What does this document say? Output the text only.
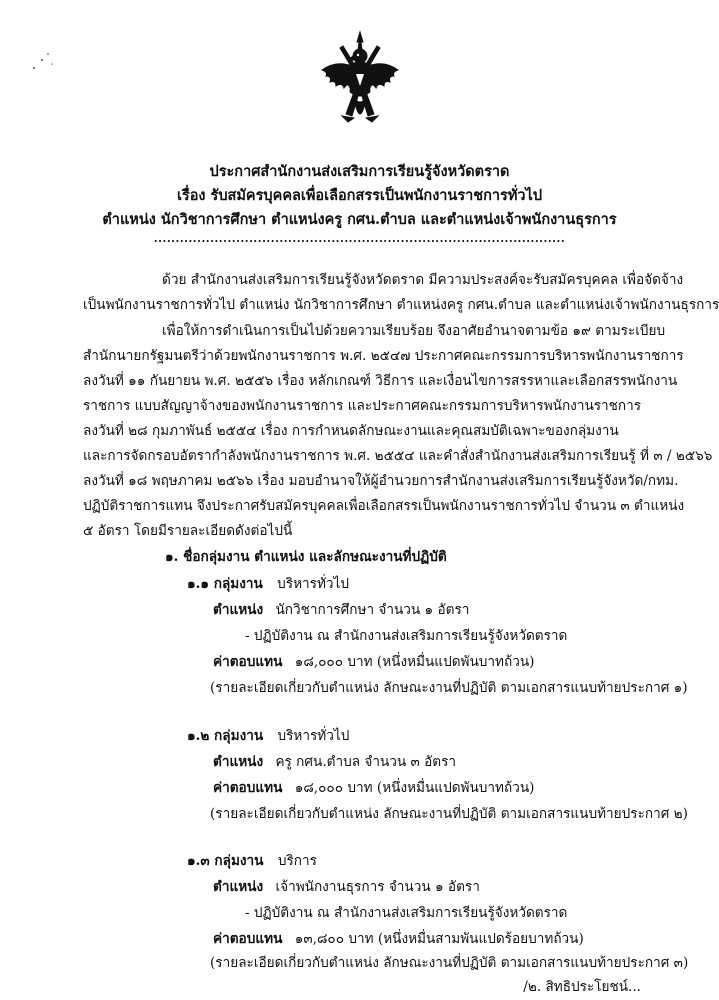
ประกาศสำนักงานส่งเสริมการเรียนรู้จังหวัดตราด
เรื่อง รับสมัครบุคคลเพื่อเลือกสรรเป็นพนักงานราชการทั่วไป
ตำแหน่ง นักวิชาการศึกษา ตำแหน่งครู กศน.ตำบล และตำแหน่งเจ้าพนักงานธุรการ
...............................................................................................
ด้วย สำนักงานส่งเสริมการเรียนรู้จังหวัดตราด มีความประสงค์จะรับสมัครบุคคล เพื่อจัดจ้าง
เป็นพนักงานราชการทั่วไป ตำแหน่ง นักวิชาการศึกษา ตำแหน่งครู กศน.ตำบล และตำแหน่งเจ้าพนักงานธุรการ
เพื่อให้การดำเนินการเป็นไปด้วยความเรียบร้อย จึงอาศัยอำนาจตามข้อ ๑๙ ตามระเบียบ
สำนักนายกรัฐมนตรีว่าด้วยพนักงานราชการ พ.ศ. ๒๕๔๗ ประกาศคณะกรรมการบริหารพนักงานราชการ
ลงวันที่ ๑๑ กันยายน พ.ศ. ๒๕๕๖ เรื่อง หลักเกณฑ์ วิธีการ และเงื่อนไขการสรรหาและเลือกสรรพนักงาน
ราชการ แบบสัญญาจ้างของพนักงานราชการ และประกาศคณะกรรมการบริหารพนักงานราชการ
ลงวันที่ ๒๘ กุมภาพันธ์ ๒๕๕๔ เรื่อง การกำหนดลักษณะงานและคุณสมบัติเฉพาะของกลุ่มงาน
และการจัดกรอบอัตรากำลังพนักงานราชการ พ.ศ. ๒๕๕๔ และคำสั่งสำนักงานส่งเสริมการเรียนรู้ ที่ ๓ / ๒๕๖๖
ลงวันที่ ๑๘ พฤษภาคม ๒๕๖๖ เรื่อง มอบอำนาจให้ผู้อำนวยการสำนักงานส่งเสริมการเรียนรู้จังหวัด/กทม.
ปฏิบัติราชการแทน จึงประกาศรับสมัครบุคคลเพื่อเลือกสรรเป็นพนักงานราชการทั่วไป จำนวน ๓ ตำแหน่ง
๕ อัตรา โดยมีรายละเอียดดังต่อไปนี้
๑. ชื่อกลุ่มงาน ตำแหน่ง และลักษณะงานที่ปฏิบัติ
๑.๑ กลุ่มงาน บริหารทั่วไป
ตำแหน่ง นักวิชาการศึกษา จำนวน ๑ อัตรา
- ปฏิบัติงาน ณ สำนักงานส่งเสริมการเรียนรู้จังหวัดตราด
ค่าตอบแทน ๑๘,๐๐๐ บาท (หนึ่งหมื่นแปดพันบาทถ้วน)
(รายละเอียดเกี่ยวกับตำแหน่ง ลักษณะงานที่ปฏิบัติ ตามเอกสารแนบท้ายประกาศ ๑)
๑.๒ กลุ่มงาน บริหารทั่วไป
ตำแหน่ง ครู กศน.ตำบล จำนวน ๓ อัตรา
ค่าตอบแทน ๑๘,๐๐๐ บาท (หนึ่งหมื่นแปดพันบาทถ้วน)
(รายละเอียดเกี่ยวกับตำแหน่ง ลักษณะงานที่ปฏิบัติ ตามเอกสารแนบท้ายประกาศ ๒)
๑.๓ กลุ่มงาน บริการ
ตำแหน่ง เจ้าพนักงานธุรการ จำนวน ๑ อัตรา
- ปฏิบัติงาน ณ สำนักงานส่งเสริมการเรียนรู้จังหวัดตราด
ค่าตอบแทน ๑๓,๘๐๐ บาท (หนึ่งหมื่นสามพันแปดร้อยบาทถ้วน)
(รายละเอียดเกี่ยวกับตำแหน่ง ลักษณะงานที่ปฏิบัติ ตามเอกสารแนบท้ายประกาศ ๓)
/๒. สิทธิประโยชน์...
